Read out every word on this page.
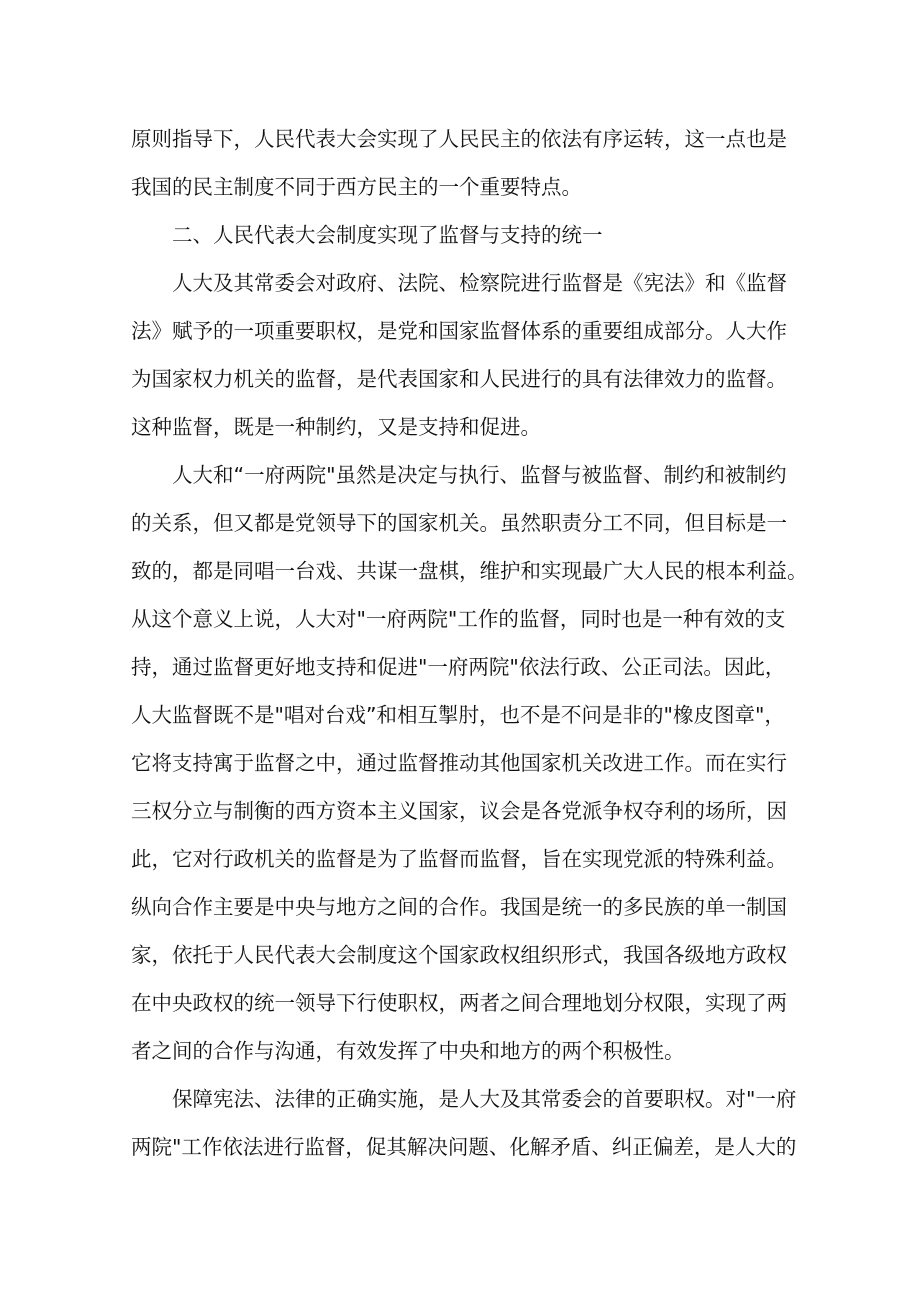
原则指导下，人民代表大会实现了人民民主的依法有序运转，这一点也是
我国的民主制度不同于西方民主的一个重要特点。
二、人民代表大会制度实现了监督与支持的统一
人大及其常委会对政府、法院、检察院进行监督是《宪法》和《监督
法》赋予的一项重要职权，是党和国家监督体系的重要组成部分。人大作
为国家权力机关的监督，是代表国家和人民进行的具有法律效力的监督。
这种监督，既是一种制约，又是支持和促进。
人大和“一府两院"虽然是决定与执行、监督与被监督、制约和被制约
的关系，但又都是党领导下的国家机关。虽然职责分工不同，但目标是一
致的，都是同唱一台戏、共谋一盘棋，维护和实现最广大人民的根本利益。
从这个意义上说，人大对"一府两院"工作的监督，同时也是一种有效的支
持，通过监督更好地支持和促进"一府两院"依法行政、公正司法。因此，
人大监督既不是"唱对台戏”和相互掣肘，也不是不问是非的"橡皮图章"，
它将支持寓于监督之中，通过监督推动其他国家机关改进工作。而在实行
三权分立与制衡的西方资本主义国家，议会是各党派争权夺利的场所，因
此，它对行政机关的监督是为了监督而监督，旨在实现党派的特殊利益。
纵向合作主要是中央与地方之间的合作。我国是统一的多民族的单一制国
家，依托于人民代表大会制度这个国家政权组织形式，我国各级地方政权
在中央政权的统一领导下行使职权，两者之间合理地划分权限，实现了两
者之间的合作与沟通，有效发挥了中央和地方的两个积极性。
保障宪法、法律的正确实施，是人大及其常委会的首要职权。对"一府
两院"工作依法进行监督，促其解决问题、化解矛盾、纠正偏差，是人大的
